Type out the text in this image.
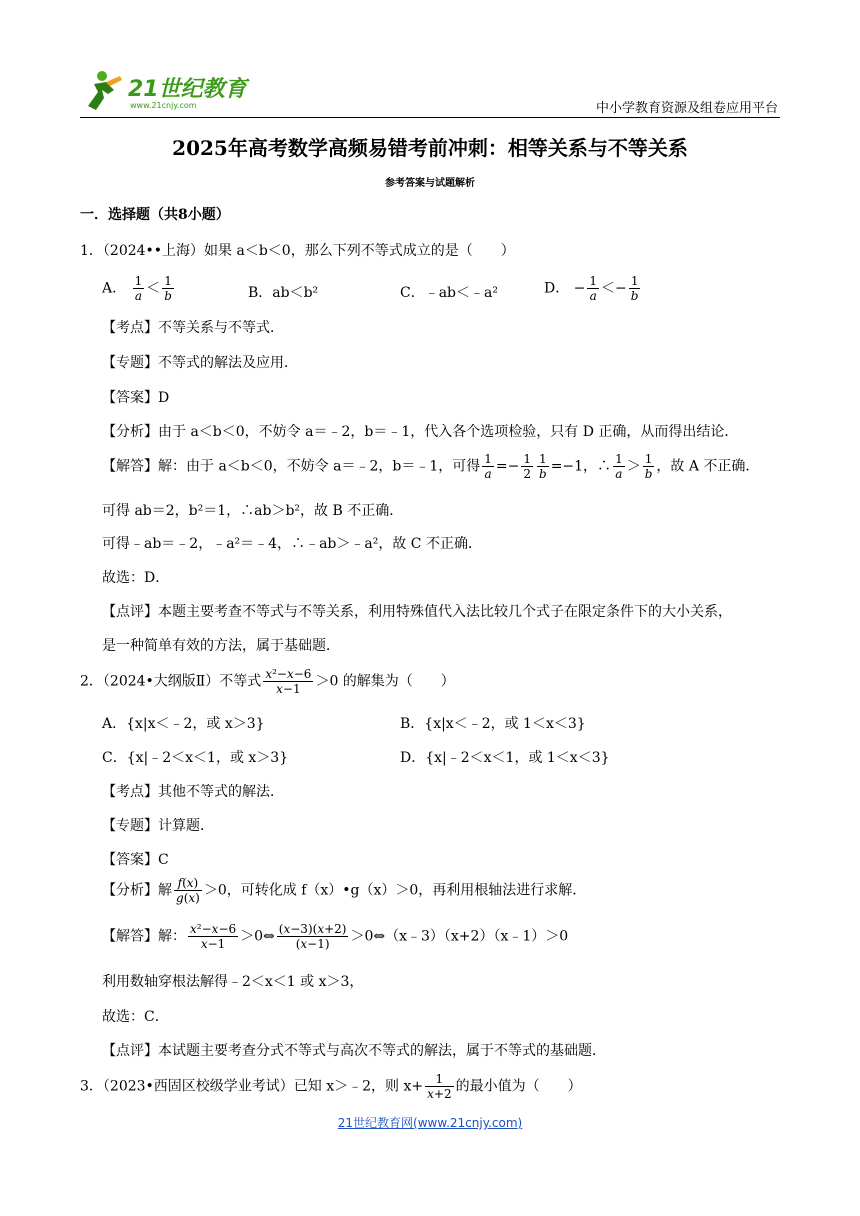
21世纪教育
www.21cnjy.com	中小学教育资源及组卷应用平台
2025年高考数学高频易错考前冲刺：相等关系与不等关系
参考答案与试题解析
一．选择题（共8小题）
1．（2024••上海）如果 a＜b＜0，那么下列不等式成立的是（　　）
A． $\frac{1}{a} < \frac{1}{b}$	B．ab＜b²	C．﹣ab＜﹣a²	D． − $\frac{1}{a} <- \frac{1}{b}$
【考点】不等关系与不等式．
【专题】不等式的解法及应用．
【答案】D
【分析】由于 a＜b＜0，不妨令 a＝﹣2，b＝﹣1，代入各个选项检验，只有 D 正确，从而得出结论．
【解答】解：由于 a＜b＜0，不妨令 a＝﹣2，b＝﹣1，可得 $\frac{1}{a} =- \frac{1}{2} \frac{1}{b} =-1$，∴ $\frac{1}{a} > \frac{1}{b}$ ，故 A 不正确．
可得 ab＝2，b²＝1，∴ab＞b²，故 B 不正确．
可得﹣ab＝﹣2，﹣a²＝﹣4，∴﹣ab＞﹣a²，故 C 不正确．
故选：D．
【点评】本题主要考查不等式与不等关系，利用特殊值代入法比较几个式子在限定条件下的大小关系，
是一种简单有效的方法，属于基础题．
2．（2024•大纲版Ⅱ）不等式 $\frac{\text{x²−x−6}}{x-1} >0$ 的解集为（　　）
A．{x|x＜﹣2，或 x＞3}	B．{x|x＜﹣2，或 1＜x＜3}
C．{x|﹣2＜x＜1，或 x＞3}	D．{x|﹣2＜x＜1，或 1＜x＜3}
【考点】其他不等式的解法．
【专题】计算题．
【答案】C
【分析】解 $\frac{f(x)}{g(x)} >0$，可转化成 f（x）•g（x）＞0，再利用根轴法进行求解．
【解答】解： $\frac{\text{x²−x−6}}{x-1}$ ＞0⇔ $\frac{(x-3)(x+2)}{(x-1)}$ ＞0⇔（x﹣3）（x+2）（x﹣1）＞0
利用数轴穿根法解得﹣2＜x＜1 或 x＞3，
故选：C．
【点评】本试题主要考查分式不等式与高次不等式的解法，属于不等式的基础题．
3．（2023•西固区校级学业考试）已知 x＞﹣2，则 $x+ \frac{1}{x+2}$ 的最小值为（　　）
21世纪教育网(www.21cnjy.com)
